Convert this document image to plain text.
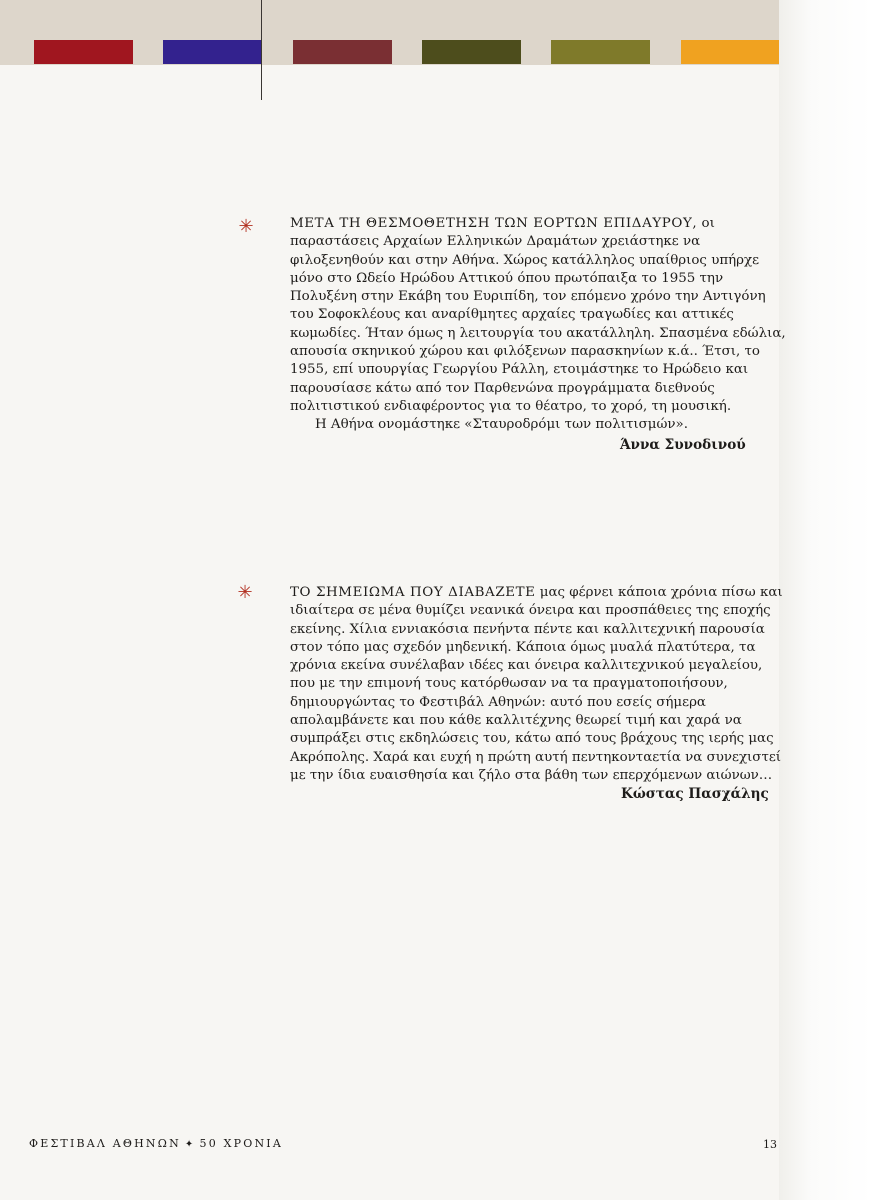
✳	ΜΕΤΑ ΤΗ ΘΕΣΜΟΘΕΤΗΣΗ ΤΩΝ ΕΟΡΤΩΝ ΕΠΙΔΑΥΡΟΥ, οι παραστάσεις Αρχαίων Ελληνικών Δραμάτων χρειάστηκε να φιλοξενηθούν και στην Αθήνα. Χώρος κατάλληλος υπαίθριος υπήρχε μόνο στο Ωδείο Ηρώδου Αττικού όπου πρωτόπαιξα το 1955 την Πολυξένη στην Εκάβη του Ευριπίδη, τον επόμενο χρόνο την Αντιγόνη του Σοφοκλέους και αναρίθμητες αρχαίες τραγωδίες και αττικές κωμωδίες. Ήταν όμως η λειτουργία του ακατάλληλη. Σπασμένα εδώλια, απουσία σκηνικού χώρου και φιλόξενων παρασκηνίων κ.ά.. Έτσι, το 1955, επί υπουργίας Γεωργίου Ράλλη, ετοιμάστηκε το Ηρώδειο και παρουσίασε κάτω από τον Παρθενώνα προγράμματα διεθνούς πολιτιστικού ενδιαφέροντος για το θέατρο, το χορό, τη μουσική.

Η Αθήνα ονομάστηκε «Σταυροδρόμι των πολιτισμών».

Άννα Συνοδινού
✳	ΤΟ ΣΗΜΕΙΩΜΑ ΠΟΥ ΔΙΑΒΑΖΕΤΕ μας φέρνει κάποια χρόνια πίσω και ιδιαίτερα σε μένα θυμίζει νεανικά όνειρα και προσπάθειες της εποχής εκείνης. Χίλια εννιακόσια πενήντα πέντε και καλλιτεχνική παρουσία στον τόπο μας σχεδόν μηδενική. Κάποια όμως μυαλά πλατύτερα, τα χρόνια εκείνα συνέλαβαν ιδέες και όνειρα καλλιτεχνικού μεγαλείου, που με την επιμονή τους κατόρθωσαν να τα πραγματοποιήσουν, δημιουργώντας το Φεστιβάλ Αθηνών: αυτό που εσείς σήμερα απολαμβάνετε και που κάθε καλλιτέχνης θεωρεί τιμή και χαρά να συμπράξει στις εκδηλώσεις του, κάτω από τους βράχους της ιερής μας Ακρόπολης. Χαρά και ευχή η πρώτη αυτή πεντηκονταετία να συνεχιστεί με την ίδια ευαισθησία και ζήλο στα βάθη των επερχόμενων αιώνων…

Κώστας Πασχάλης
ΦΕΣΤΙΒΑΛ ΑΘΗΝΩΝ ✦ 50 ΧΡΟΝΙΑ	13
